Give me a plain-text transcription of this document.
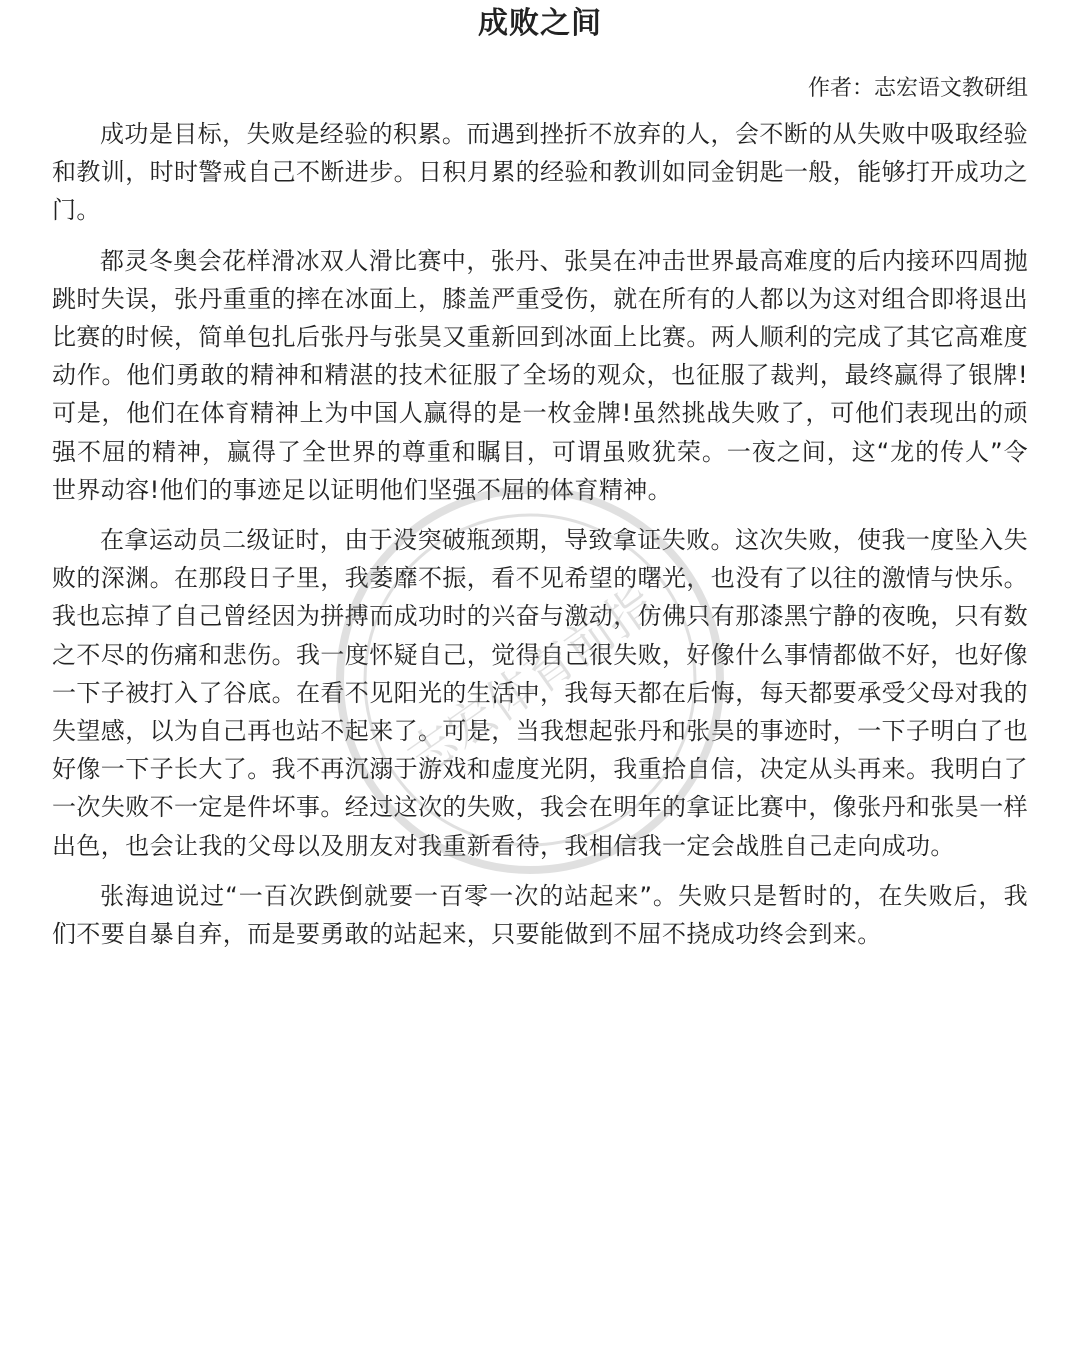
成败之间
作者：志宏语文教研组

成功是目标，失败是经验的积累。而遇到挫折不放弃的人，会不断的从失败中吸取经验和教训，时时警戒自己不断进步。日积月累的经验和教训如同金钥匙一般，能够打开成功之门。

都灵冬奥会花样滑冰双人滑比赛中，张丹、张昊在冲击世界最高难度的后内接环四周抛跳时失误，张丹重重的摔在冰面上，膝盖严重受伤，就在所有的人都以为这对组合即将退出比赛的时候，简单包扎后张丹与张昊又重新回到冰面上比赛。两人顺利的完成了其它高难度动作。他们勇敢的精神和精湛的技术征服了全场的观众，也征服了裁判，最终赢得了银牌!可是，他们在体育精神上为中国人赢得的是一枚金牌!虽然挑战失败了，可他们表现出的顽强不屈的精神，赢得了全世界的尊重和瞩目，可谓虽败犹荣。一夜之间，这“龙的传人”令世界动容!他们的事迹足以证明他们坚强不屈的体育精神。

在拿运动员二级证时，由于没突破瓶颈期，导致拿证失败。这次失败，使我一度坠入失败的深渊。在那段日子里，我萎靡不振，看不见希望的曙光，也没有了以往的激情与快乐。我也忘掉了自己曾经因为拼搏而成功时的兴奋与激动，仿佛只有那漆黑宁静的夜晚，只有数之不尽的伤痛和悲伤。我一度怀疑自己，觉得自己很失败，好像什么事情都做不好，也好像一下子被打入了谷底。在看不见阳光的生活中，我每天都在后悔，每天都要承受父母对我的失望感，以为自己再也站不起来了。可是，当我想起张丹和张昊的事迹时，一下子明白了也好像一下子长大了。我不再沉溺于游戏和虚度光阴，我重拾自信，决定从头再来。我明白了一次失败不一定是件坏事。经过这次的失败，我会在明年的拿证比赛中，像张丹和张昊一样出色，也会让我的父母以及朋友对我重新看待，我相信我一定会战胜自己走向成功。

张海迪说过“一百次跌倒就要一百零一次的站起来”。失败只是暂时的，在失败后，我们不要自暴自弃，而是要勇敢的站起来，只要能做到不屈不挠成功终会到来。

志宏体育前指
